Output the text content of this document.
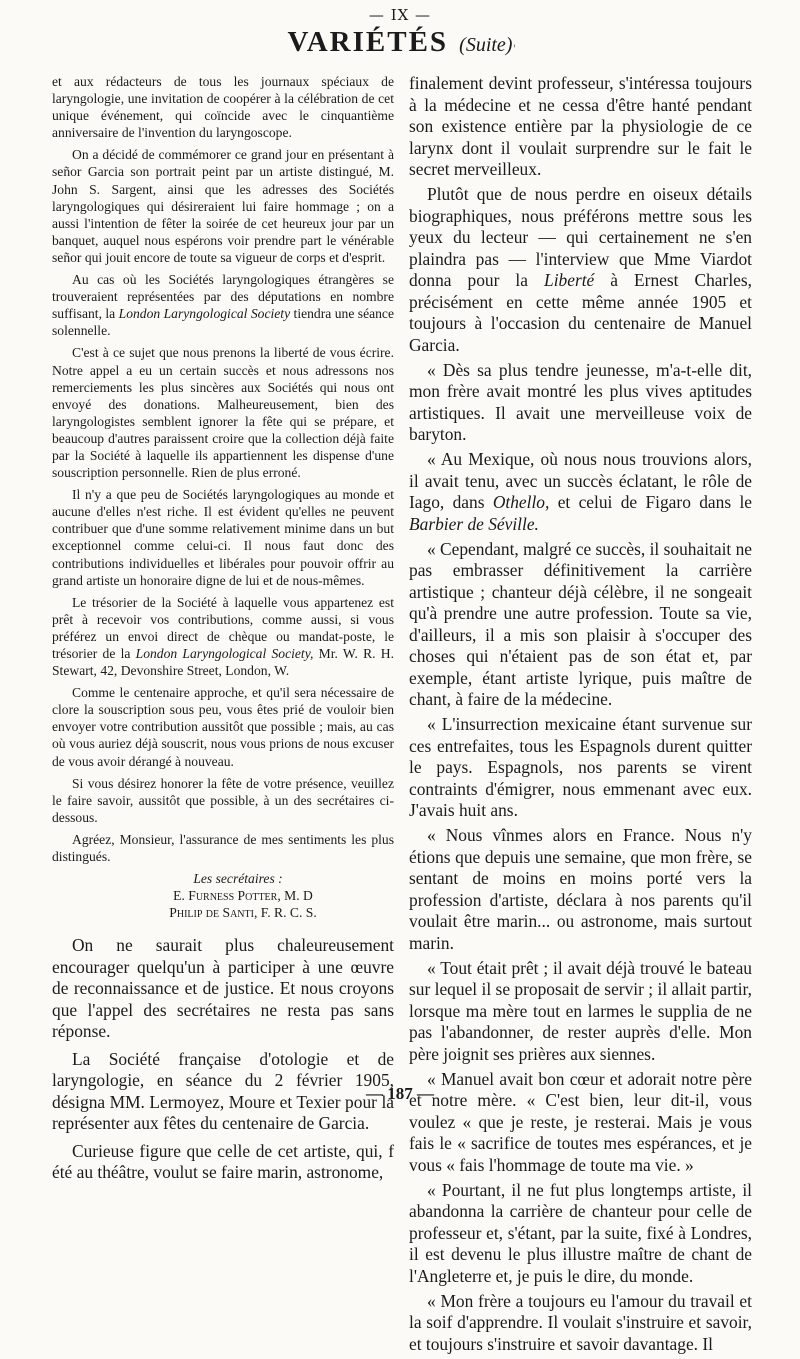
— IX —
VARIÉTÉS (Suite) '

et aux rédacteurs de tous les journaux spéciaux de laryngologie, une invitation de coopérer à la célébration de cet unique événement, qui coïncide avec le cinquantième anniversaire de l'invention du laryngoscope.

On a décidé de commémorer ce grand jour en présentant à señor Garcia son portrait peint par un artiste distingué, M. John S. Sargent, ainsi que les adresses des Sociétés laryngologiques qui désireraient lui faire hommage ; on a aussi l'intention de fêter la soirée de cet heureux jour par un banquet, auquel nous espérons voir prendre part le vénérable señor qui jouit encore de toute sa vigueur de corps et d'esprit.

Au cas où les Sociétés laryngologiques étrangères se trouveraient représentées par des députations en nombre suffisant, la London Laryngological Society tiendra une séance solennelle.

C'est à ce sujet que nous prenons la liberté de vous écrire. Notre appel a eu un certain succès et nous adressons nos remerciements les plus sincères aux Sociétés qui nous ont envoyé des donations. Malheureusement, bien des laryngologistes semblent ignorer la fête qui se prépare, et beaucoup d'autres paraissent croire que la collection déjà faite par la Société à laquelle ils appartiennent les dispense d'une souscription personnelle. Rien de plus erroné.

Il n'y a que peu de Sociétés laryngologiques au monde et aucune d'elles n'est riche. Il est évident qu'elles ne peuvent contribuer que d'une somme relativement minime dans un but exceptionnel comme celui-ci. Il nous faut donc des contributions individuelles et libérales pour pouvoir offrir au grand artiste un honoraire digne de lui et de nous-mêmes.

Le trésorier de la Société à laquelle vous appartenez est prêt à recevoir vos contributions, comme aussi, si vous préférez un envoi direct de chèque ou mandat-poste, le trésorier de la London Laryngological Society, Mr. W. R. H. Stewart, 42, Devonshire Street, London, W.

Comme le centenaire approche, et qu'il sera nécessaire de clore la souscription sous peu, vous êtes prié de vouloir bien envoyer votre contribution aussitôt que possible ; mais, au cas où vous auriez déjà souscrit, nous vous prions de nous excuser de vous avoir dérangé à nouveau.

Si vous désirez honorer la fête de votre présence, veuillez le faire savoir, aussitôt que possible, à un des secrétaires ci-dessous.

Agréez, Monsieur, l'assurance de mes sentiments les plus distingués.

Les secrétaires :
E. Furness Potter, M. D
Philip de Santi, F. R. C. S.

On ne saurait plus chaleureusement encourager quelqu'un à participer à une œuvre de reconnaissance et de justice. Et nous croyons que l'appel des secrétaires ne resta pas sans réponse.

La Société française d'otologie et de laryngologie, en séance du 2 février 1905, désigna MM. Lermoyez, Moure et Texier pour la représenter aux fêtes du centenaire de Garcia.

Curieuse figure que celle de cet artiste, qui, f été au théâtre, voulut se faire marin, astronome,

finalement devint professeur, s'intéressa toujours à la médecine et ne cessa d'être hanté pendant son existence entière par la physiologie de ce larynx dont il voulait surprendre sur le fait le secret merveilleux.

Plutôt que de nous perdre en oiseux détails biographiques, nous préférons mettre sous les yeux du lecteur — qui certainement ne s'en plaindra pas — l'interview que Mme Viardot donna pour la Liberté à Ernest Charles, précisément en cette même année 1905 et toujours à l'occasion du centenaire de Manuel Garcia.

« Dès sa plus tendre jeunesse, m'a-t-elle dit, mon frère avait montré les plus vives aptitudes artistiques. Il avait une merveilleuse voix de baryton.

« Au Mexique, où nous nous trouvions alors, il avait tenu, avec un succès éclatant, le rôle de Iago, dans Othello, et celui de Figaro dans le Barbier de Séville.

« Cependant, malgré ce succès, il souhaitait ne pas embrasser définitivement la carrière artistique ; chanteur déjà célèbre, il ne songeait qu'à prendre une autre profession. Toute sa vie, d'ailleurs, il a mis son plaisir à s'occuper des choses qui n'étaient pas de son état et, par exemple, étant artiste lyrique, puis maître de chant, à faire de la médecine.

« L'insurrection mexicaine étant survenue sur ces entrefaites, tous les Espagnols durent quitter le pays. Espagnols, nos parents se virent contraints d'émigrer, nous emmenant avec eux. J'avais huit ans.

« Nous vînmes alors en France. Nous n'y étions que depuis une semaine, que mon frère, se sentant de moins en moins porté vers la profession d'artiste, déclara à nos parents qu'il voulait être marin... ou astronome, mais surtout marin.

« Tout était prêt ; il avait déjà trouvé le bateau sur lequel il se proposait de servir ; il allait partir, lorsque ma mère tout en larmes le supplia de ne pas l'abandonner, de rester auprès d'elle. Mon père joignit ses prières aux siennes.

« Manuel avait bon cœur et adorait notre père et notre mère. « C'est bien, leur dit-il, vous voulez « que je reste, je resterai. Mais je vous fais le « sacrifice de toutes mes espérances, et je vous « fais l'hommage de toute ma vie. »

« Pourtant, il ne fut plus longtemps artiste, il abandonna la carrière de chanteur pour celle de professeur et, s'étant, par la suite, fixé à Londres, il est devenu le plus illustre maître de chant de l'Angleterre et, je puis le dire, du monde.

« Mon frère a toujours eu l'amour du travail et la soif d'apprendre. Il voulait s'instruire et savoir, et toujours s'instruire et savoir davantage. Il

— 187 —
